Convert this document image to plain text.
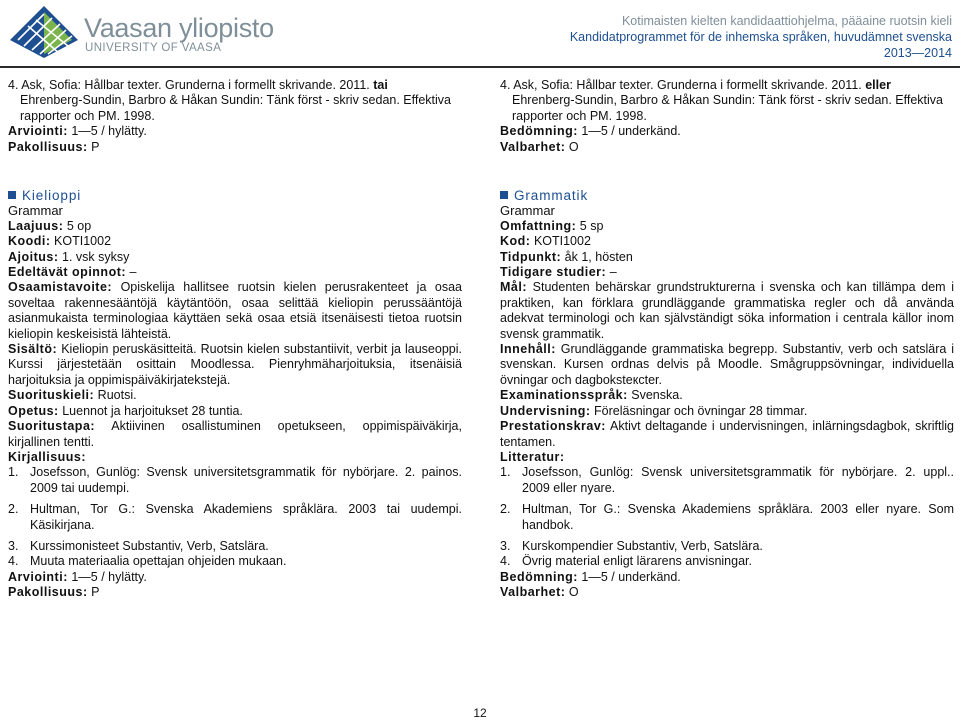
Vaasan yliopisto
UNIVERSITY OF VAASA
Kotimaisten kielten kandidaattiohjelma, pääaine ruotsin kieli
Kandidatprogrammet för de inhemska språken, huvudämnet svenska
2013—2014

4. Ask, Sofia: Hållbar texter. Grunderna i formellt skrivande. 2011. tai

Ehrenberg-Sundin, Barbro & Håkan Sundin: Tänk först - skriv sedan. Effektiva rapporter och PM. 1998.

Arviointi: 1—5 / hylätty.

Pakollisuus: P

Kielioppi

Grammar

Laajuus: 5 op

Koodi: KOTI1002

Ajoitus: 1. vsk syksy

Edeltävät opinnot: –

Osaamistavoite: Opiskelija hallitsee ruotsin kielen perusrakenteet ja osaa soveltaa rakennesääntöjä käytäntöön, osaa selittää kieliopin perussääntöjä asianmukaista terminologiaa käyttäen sekä osaa etsiä itsenäisesti tietoa ruotsin kieliopin keskeisistä lähteistä.

Sisältö: Kieliopin peruskäsitteitä. Ruotsin kielen substantiivit, verbit ja lauseoppi. Kurssi järjestetään osittain Moodlessa. Pienryhmäharjoituksia, itsenäisiä harjoituksia ja oppimispäiväkirjatekstejä.

Suorituskieli: Ruotsi.

Opetus: Luennot ja harjoitukset 28 tuntia.

Suoritustapa: Aktiivinen osallistuminen opetukseen, oppimispäiväkirja, kirjallinen tentti.

Kirjallisuus:

1. Josefsson, Gunlög: Svensk universitetsgrammatik för nybörjare. 2. painos. 2009 tai uudempi.
2. Hultman, Tor G.: Svenska Akademiens språklära. 2003 tai uudempi. Käsikirjana.
3. Kurssimonisteet Substantiv, Verb, Satslära.
4. Muuta materiaalia opettajan ohjeiden mukaan.

Arviointi: 1—5 / hylätty.

Pakollisuus: P

4. Ask, Sofia: Hållbar texter. Grunderna i formellt skrivande. 2011. eller

Ehrenberg-Sundin, Barbro & Håkan Sundin: Tänk först - skriv sedan. Effektiva rapporter och PM. 1998.

Bedömning: 1—5 / underkänd.

Valbarhet: O

Grammatik

Grammar

Omfattning: 5 sp

Kod: KOTI1002

Tidpunkt: åk 1, hösten

Tidigare studier: –

Mål: Studenten behärskar grundstrukturerna i svenska och kan tillämpa dem i praktiken, kan förklara grundläggande grammatiska regler och då använda adekvat terminologi och kan självständigt söka information i centrala källor inom svensk grammatik.

Innehåll: Grundläggande grammatiska begrepp. Substantiv, verb och satslära i svenskan. Kursen ordnas delvis på Moodle. Smågruppsövningar, individuella övningar och dagboksteксter.

Examinationsspråk: Svenska.

Undervisning: Föreläsningar och övningar 28 timmar.

Prestationskrav: Aktivt deltagande i undervisningen, inlärningsdagbok, skriftlig tentamen.

Litteratur:

1. Josefsson, Gunlög: Svensk universitetsgrammatik för nybörjare. 2. uppl.. 2009 eller nyare.
2. Hultman, Tor G.: Svenska Akademiens språklära. 2003 eller nyare. Som handbok.
3. Kurskompendier Substantiv, Verb, Satslära.
4. Övrig material enligt lärarens anvisningar.

Bedömning: 1—5 / underkänd.

Valbarhet: O

12
